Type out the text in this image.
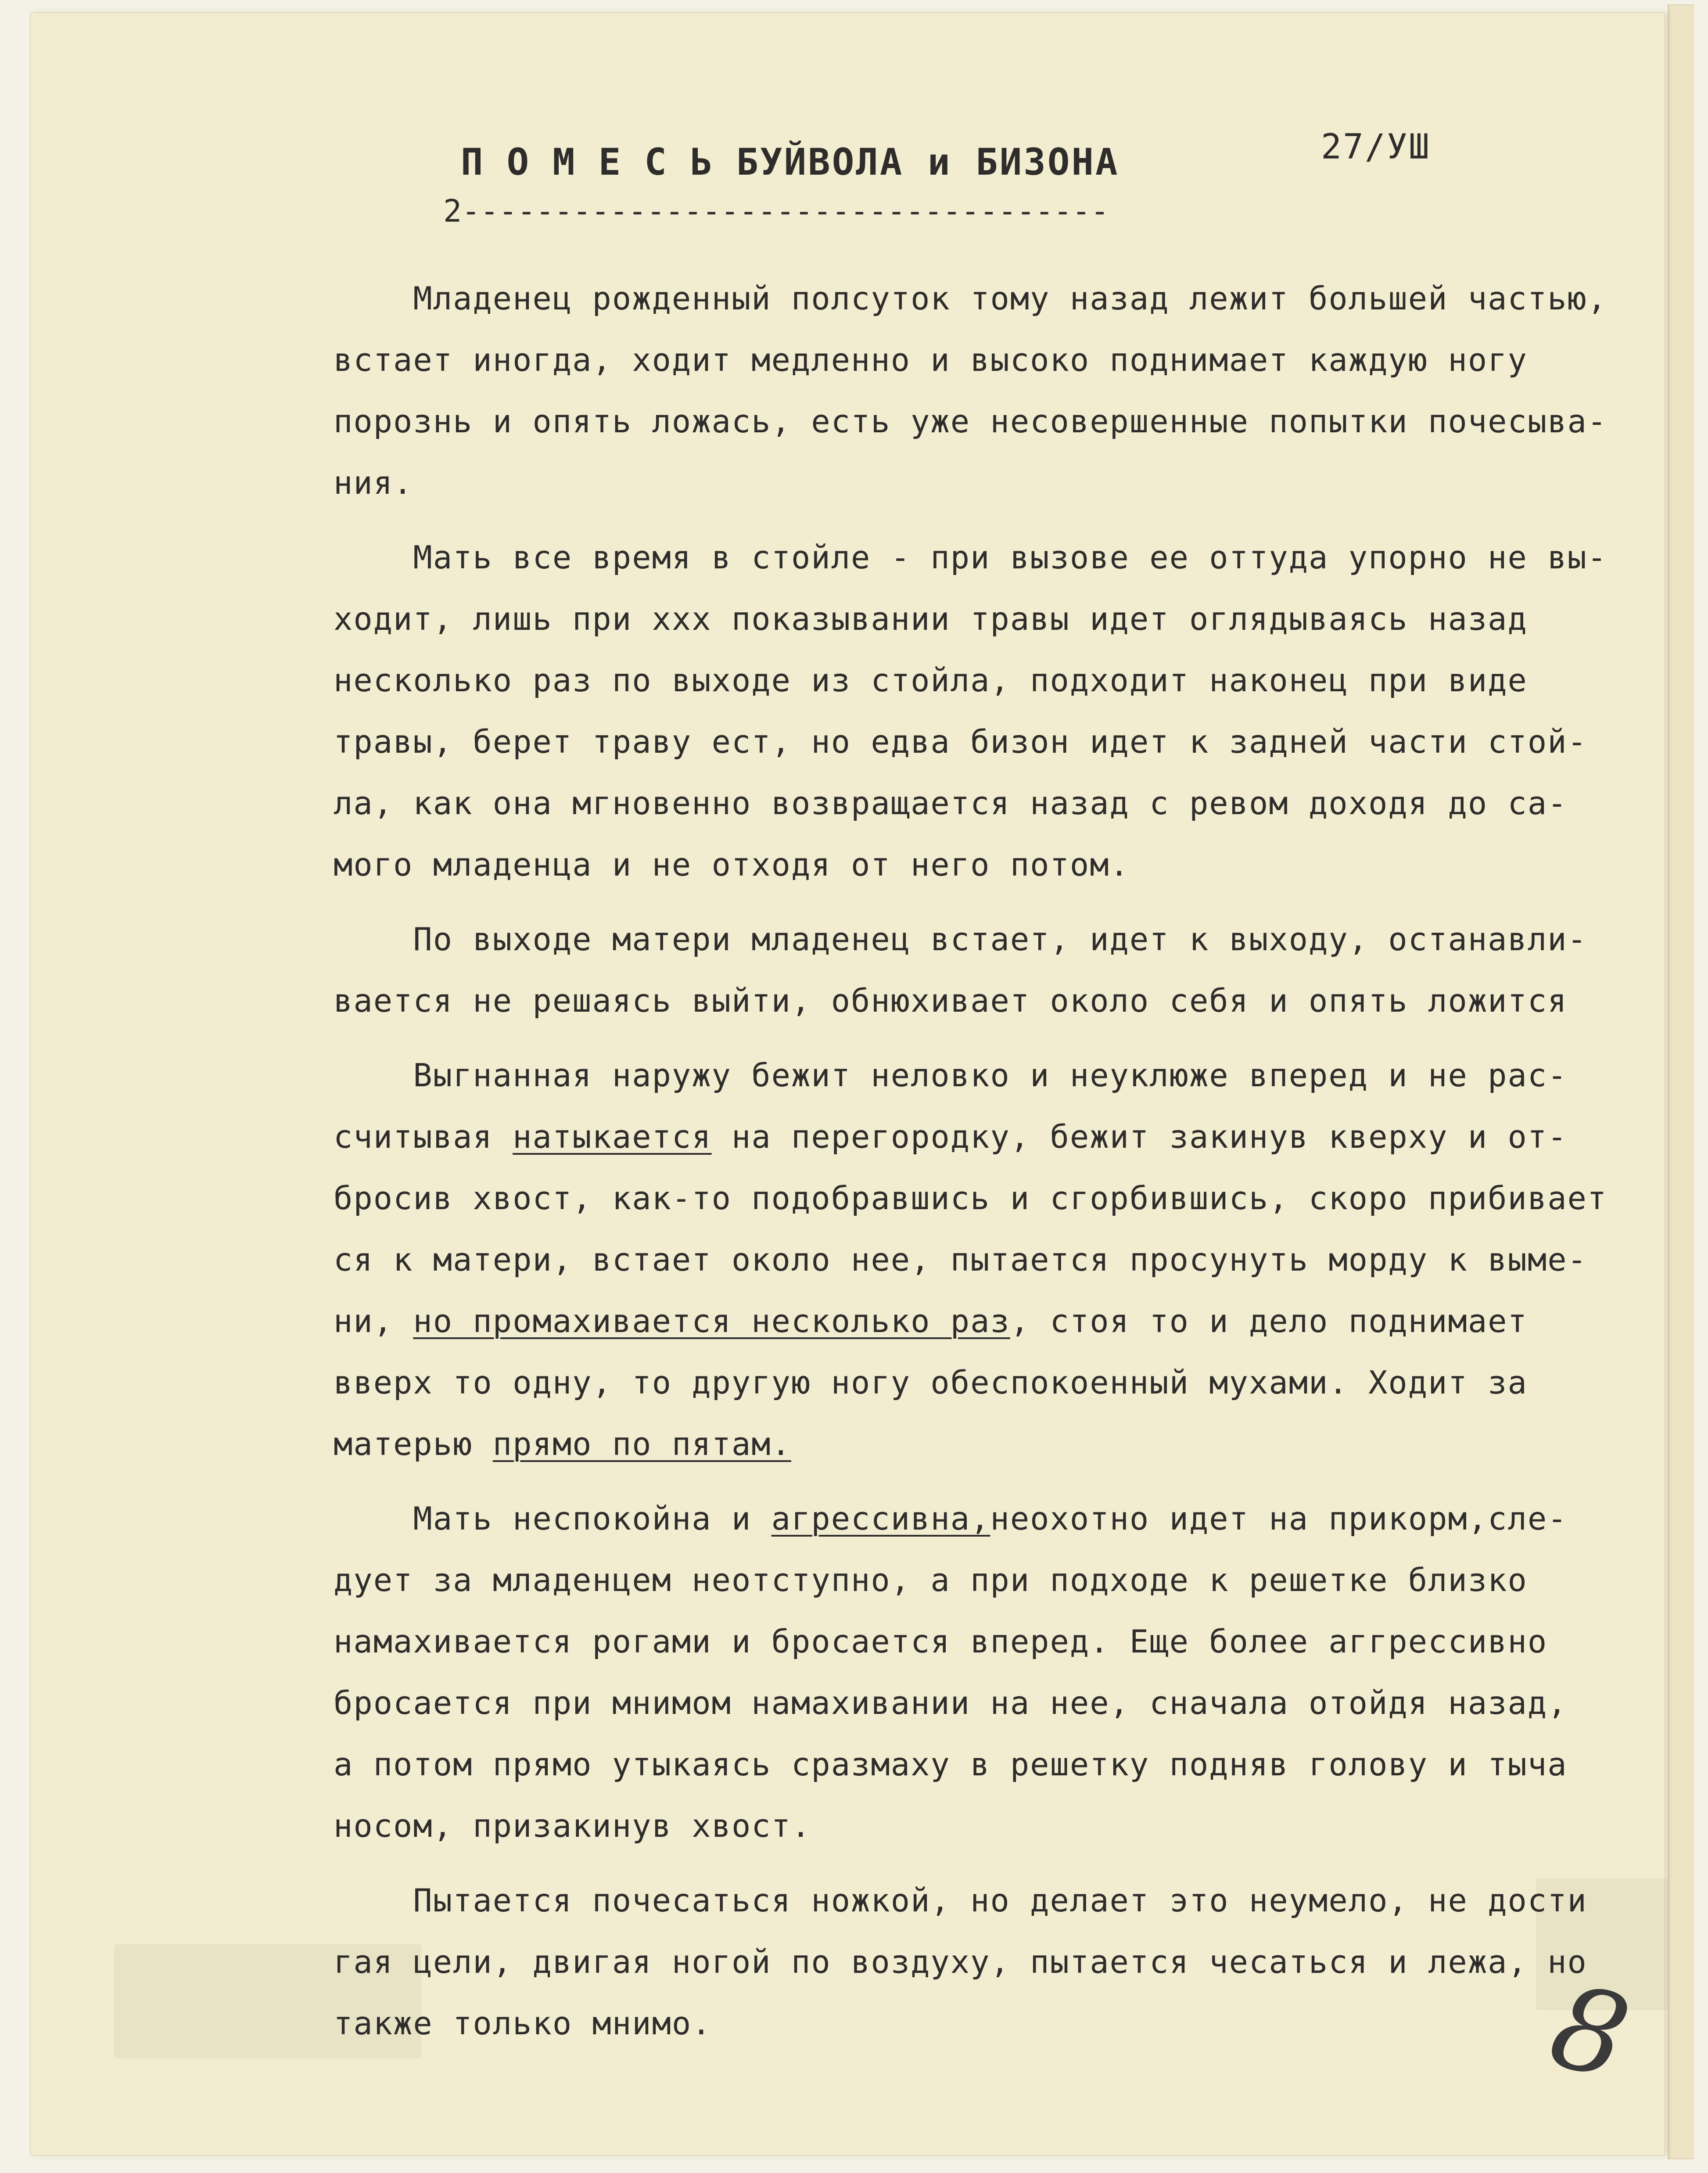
ПОМЕСЬБУЙВОЛА и БИЗОНА	27/УШ
2-----------------------------------
Младенец рожденный полсуток тому назад лежит большей частью,
встает иногда, ходит медленно и высоко поднимает каждую ногу
порознь и опять ложась, есть уже несовершенные попытки почесыва-
ния.
Мать все время в стойле - при вызове ее оттуда упорно не вы-
ходит, лишь при ххх показывании травы идет оглядываясь назад
несколько раз по выходе из стойла, подходит наконец при виде
травы, берет траву ест, но едва бизон идет к задней части стой-
ла, как она мгновенно возвращается назад с ревом доходя до са-
мого младенца и не отходя от него потом.
По выходе матери младенец встает, идет к выходу, останавли-
вается не решаясь выйти, обнюхивает около себя и опять ложится
Выгнанная наружу бежит неловко и неуклюже вперед и не рас-
считывая натыкается на перегородку, бежит закинув кверху и от-
бросив хвост, как-то подобравшись и сгорбившись, скоро прибивает
ся к матери, встает около нее, пытается просунуть морду к выме-
ни, но промахивается несколько раз, стоя то и дело поднимает
вверх то одну, то другую ногу обеспокоенный мухами. Ходит за
матерью прямо по пятам.
Мать неспокойна и агрессивна,неохотно идет на прикорм,сле-
дует за младенцем неотступно, а при подходе к решетке близко
намахивается рогами и бросается вперед. Еще более аггрессивно
бросается при мнимом намахивании на нее, сначала отойдя назад,
а потом прямо утыкаясь сразмаху в решетку подняв голову и тыча
носом, призакинув хвост.
Пытается почесаться ножкой, но делает это неумело, не дости
гая цели, двигая ногой по воздуху, пытается чесаться и лежа, но
также только мнимо.	8
